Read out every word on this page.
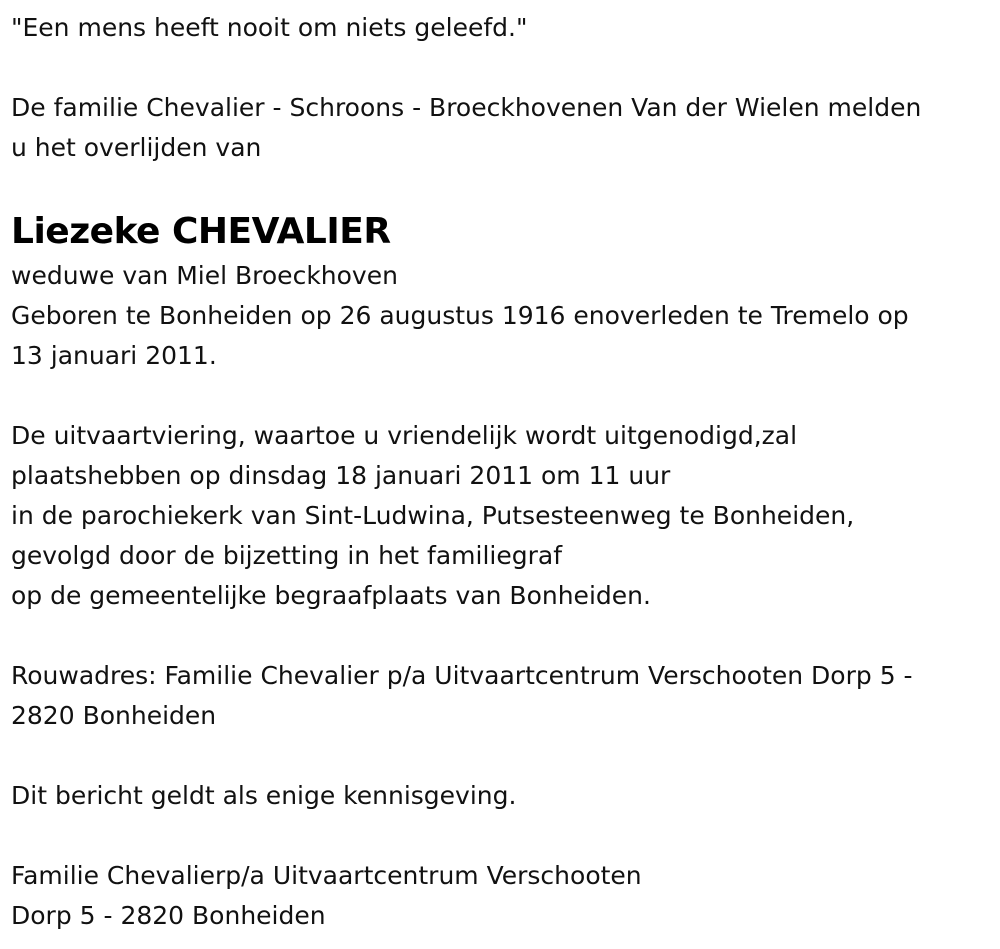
"Een mens heeft nooit om niets geleefd."
De familie Chevalier - Schroons - Broeckhovenen Van der Wielen melden
u het overlijden van
Liezeke CHEVALIER
weduwe van Miel Broeckhoven
Geboren te Bonheiden op 26 augustus 1916 enoverleden te Tremelo op
13 januari 2011.
De uitvaartviering, waartoe u vriendelijk wordt uitgenodigd,zal
plaatshebben op dinsdag 18 januari 2011 om 11 uur
in de parochiekerk van Sint-Ludwina, Putsesteenweg te Bonheiden,
gevolgd door de bijzetting in het familiegraf
op de gemeentelijke begraafplaats van Bonheiden.
Rouwadres: Familie Chevalier p/a Uitvaartcentrum Verschooten Dorp 5 -
2820 Bonheiden
Dit bericht geldt als enige kennisgeving.
Familie Chevalierp/a Uitvaartcentrum Verschooten
Dorp 5 - 2820 Bonheiden
